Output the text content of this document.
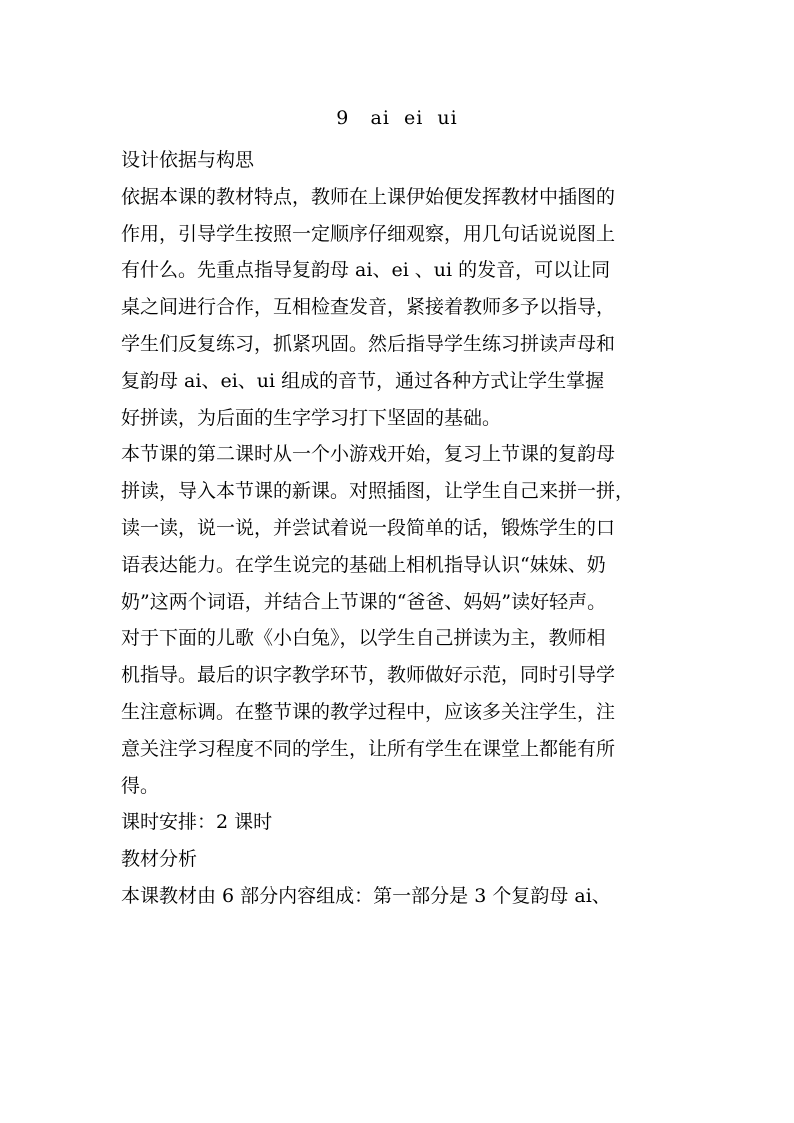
9   ai  ei  ui
设计依据与构思
依据本课的教材特点，教师在上课伊始便发挥教材中插图的
作用，引导学生按照一定顺序仔细观察，用几句话说说图上
有什么。先重点指导复韵母 ai、ei 、ui 的发音，可以让同
桌之间进行合作，互相检查发音，紧接着教师多予以指导，
学生们反复练习，抓紧巩固。然后指导学生练习拼读声母和
复韵母 ai、ei、ui 组成的音节，通过各种方式让学生掌握
好拼读，为后面的生字学习打下坚固的基础。
本节课的第二课时从一个小游戏开始，复习上节课的复韵母
拼读，导入本节课的新课。对照插图，让学生自己来拼一拼，
读一读，说一说，并尝试着说一段简单的话，锻炼学生的口
语表达能力。在学生说完的基础上相机指导认识“妹妹、奶
奶”这两个词语，并结合上节课的“爸爸、妈妈”读好轻声。
对于下面的儿歌《小白兔》，以学生自己拼读为主，教师相
机指导。最后的识字教学环节，教师做好示范，同时引导学
生注意标调。在整节课的教学过程中，应该多关注学生，注
意关注学习程度不同的学生，让所有学生在课堂上都能有所
得。
课时安排：2 课时
教材分析
本课教材由 6 部分内容组成：第一部分是 3 个复韵母 ai、
